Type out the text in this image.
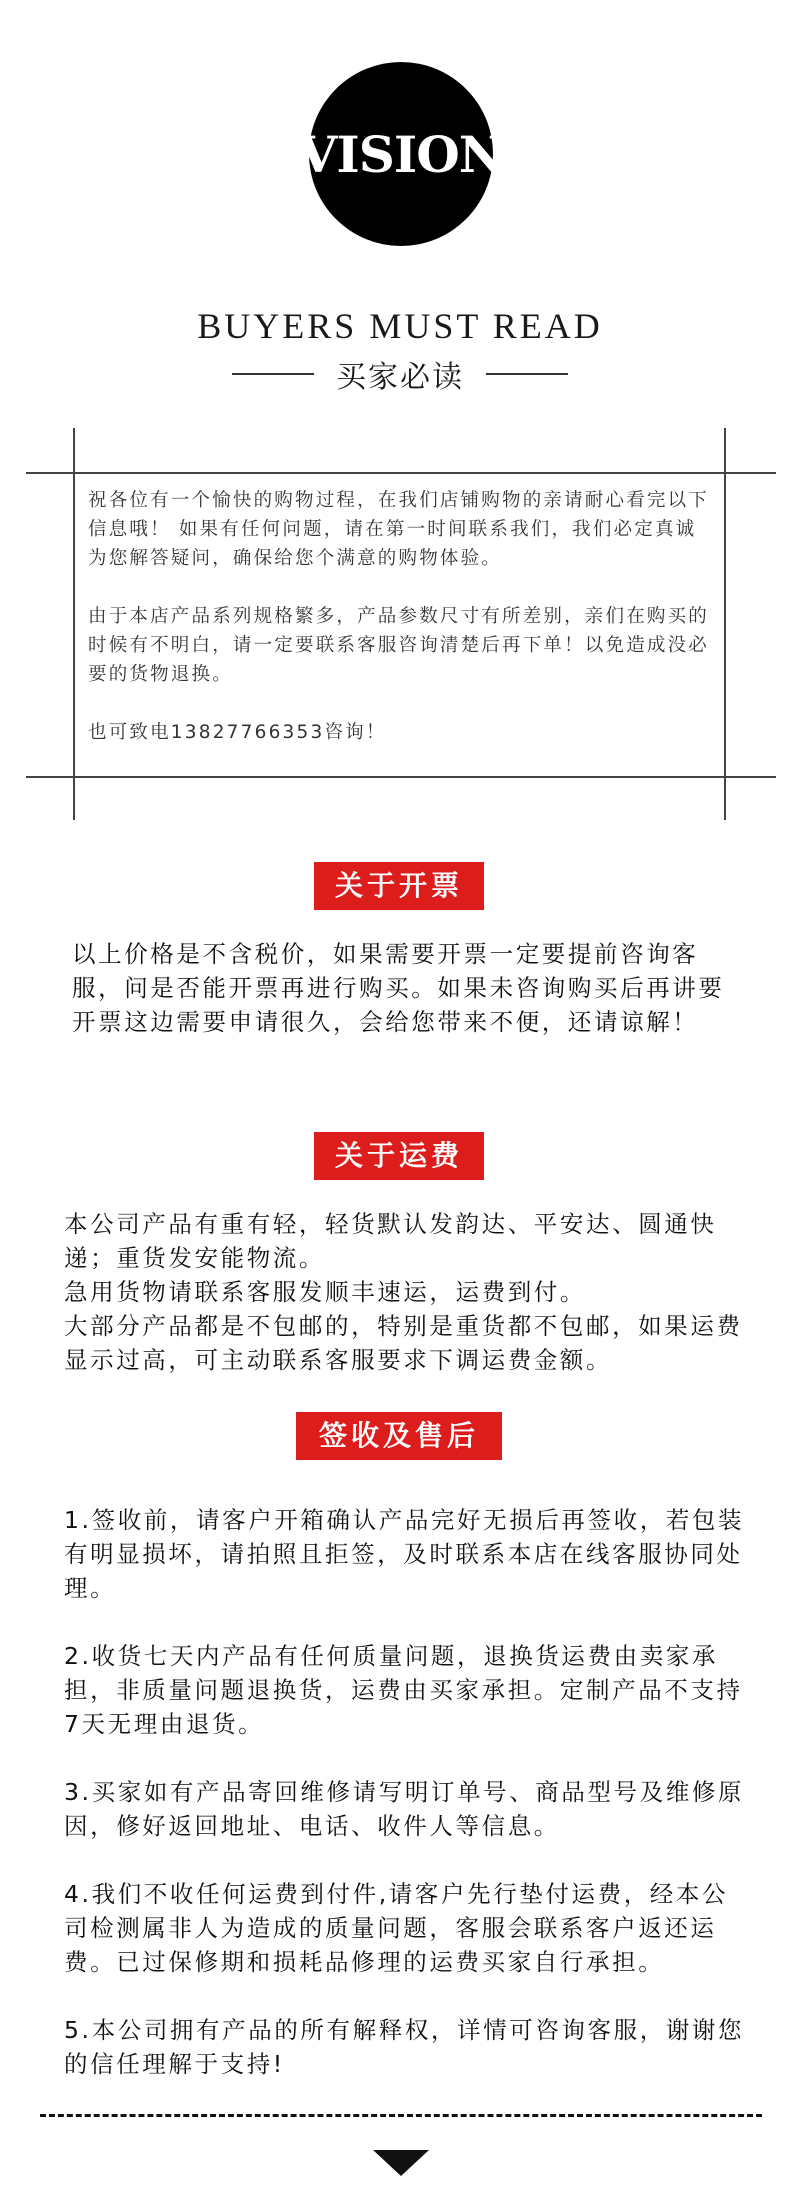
VISION
BUYERS MUST READ
买家必读

祝各位有一个愉快的购物过程，在我们店铺购物的亲请耐心看完以下信息哦！ 如果有任何问题，请在第一时间联系我们，我们必定真诚为您解答疑问，确保给您个满意的购物体验。

由于本店产品系列规格繁多，产品参数尺寸有所差别，亲们在购买的时候有不明白，请一定要联系客服咨询清楚后再下单！以免造成没必要的货物退换。

也可致电13827766353咨询！

关于开票

以上价格是不含税价，如果需要开票一定要提前咨询客服，问是否能开票再进行购买。如果未咨询购买后再讲要开票这边需要申请很久，会给您带来不便，还请谅解！

关于运费

本公司产品有重有轻，轻货默认发韵达、平安达、圆通快递；重货发安能物流。

急用货物请联系客服发顺丰速运，运费到付。

大部分产品都是不包邮的，特别是重货都不包邮，如果运费显示过高，可主动联系客服要求下调运费金额。

签收及售后

1.签收前，请客户开箱确认产品完好无损后再签收，若包装有明显损坏，请拍照且拒签，及时联系本店在线客服协同处理。

2.收货七天内产品有任何质量问题，退换货运费由卖家承担，非质量问题退换货，运费由买家承担。定制产品不支持7天无理由退货。

3.买家如有产品寄回维修请写明订单号、商品型号及维修原因，修好返回地址、电话、收件人等信息。

4.我们不收任何运费到付件,请客户先行垫付运费，经本公司检测属非人为造成的质量问题，客服会联系客户返还运费。已过保修期和损耗品修理的运费买家自行承担。

5.本公司拥有产品的所有解释权，详情可咨询客服，谢谢您的信任理解于支持!
